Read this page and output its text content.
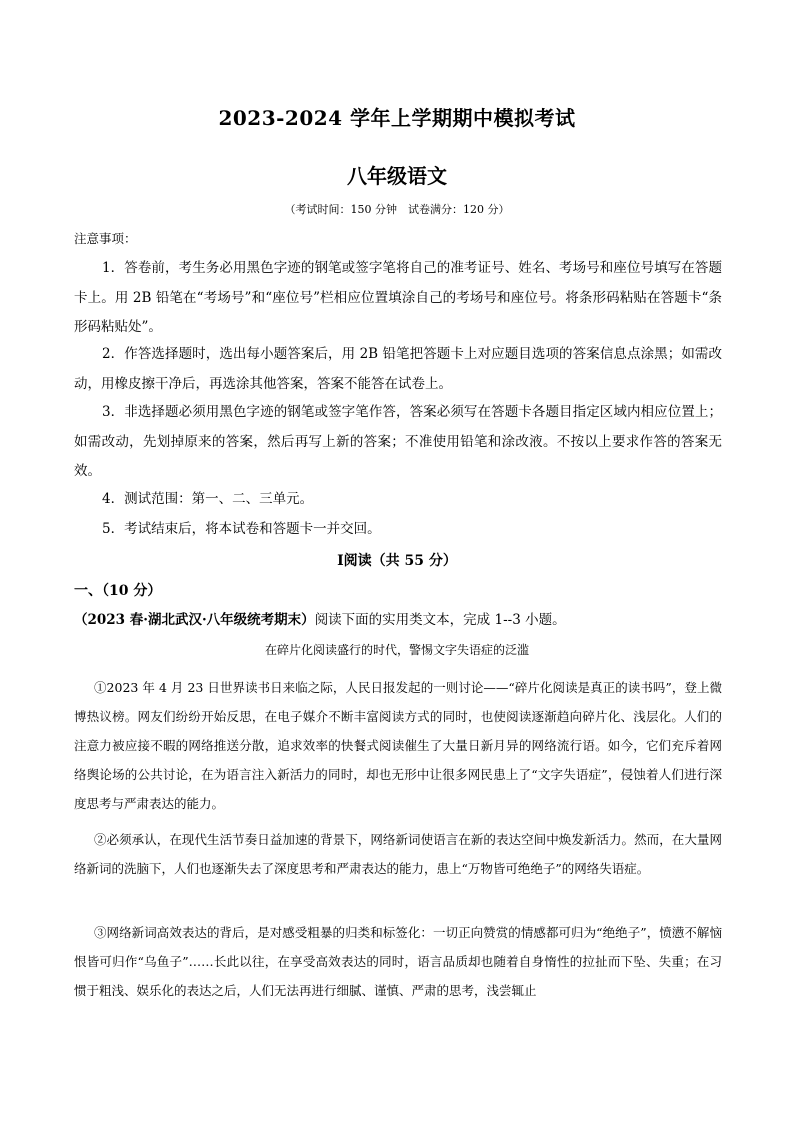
2023-2024 学年上学期期中模拟考试
八年级语文
（考试时间：150 分钟　试卷满分：120 分）
注意事项：
1．答卷前，考生务必用黑色字迹的钢笔或签字笔将自己的准考证号、姓名、考场号和座位号填写在答题卡上。用 2B 铅笔在“考场号”和“座位号”栏相应位置填涂自己的考场号和座位号。将条形码粘贴在答题卡“条形码粘贴处”。
2．作答选择题时，选出每小题答案后，用 2B 铅笔把答题卡上对应题目选项的答案信息点涂黑；如需改动，用橡皮擦干净后，再选涂其他答案，答案不能答在试卷上。
3．非选择题必须用黑色字迹的钢笔或签字笔作答，答案必须写在答题卡各题目指定区域内相应位置上；如需改动，先划掉原来的答案，然后再写上新的答案；不准使用铅笔和涂改液。不按以上要求作答的答案无效。
4．测试范围：第一、二、三单元。
5．考试结束后，将本试卷和答题卡一并交回。
Ⅰ阅读（共 55 分）
一、（10 分）
（2023 春·湖北武汉·八年级统考期末）阅读下面的实用类文本，完成 1--3 小题。
在碎片化阅读盛行的时代，警惕文字失语症的泛滥
①2023 年 4 月 23 日世界读书日来临之际，人民日报发起的一则讨论——“碎片化阅读是真正的读书吗”，登上微博热议榜。网友们纷纷开始反思，在电子媒介不断丰富阅读方式的同时，也使阅读逐渐趋向碎片化、浅层化。人们的注意力被应接不暇的网络推送分散，追求效率的快餐式阅读催生了大量日新月异的网络流行语。如今，它们充斥着网络舆论场的公共讨论，在为语言注入新活力的同时，却也无形中让很多网民患上了“文字失语症”，侵蚀着人们进行深度思考与严肃表达的能力。
②必须承认，在现代生活节奏日益加速的背景下，网络新词使语言在新的表达空间中焕发新活力。然而，在大量网络新词的洗脑下，人们也逐渐失去了深度思考和严肃表达的能力，患上“万物皆可绝绝子”的网络失语症。
③网络新词高效表达的背后，是对感受粗暴的归类和标签化：一切正向赞赏的情感都可归为“绝绝子”，愤懑不解恼恨皆可归作“乌鱼子”……长此以往，在享受高效表达的同时，语言品质却也随着自身惰性的拉扯而下坠、失重；在习惯于粗浅、娱乐化的表达之后，人们无法再进行细腻、谨慎、严肃的思考，浅尝辄止
